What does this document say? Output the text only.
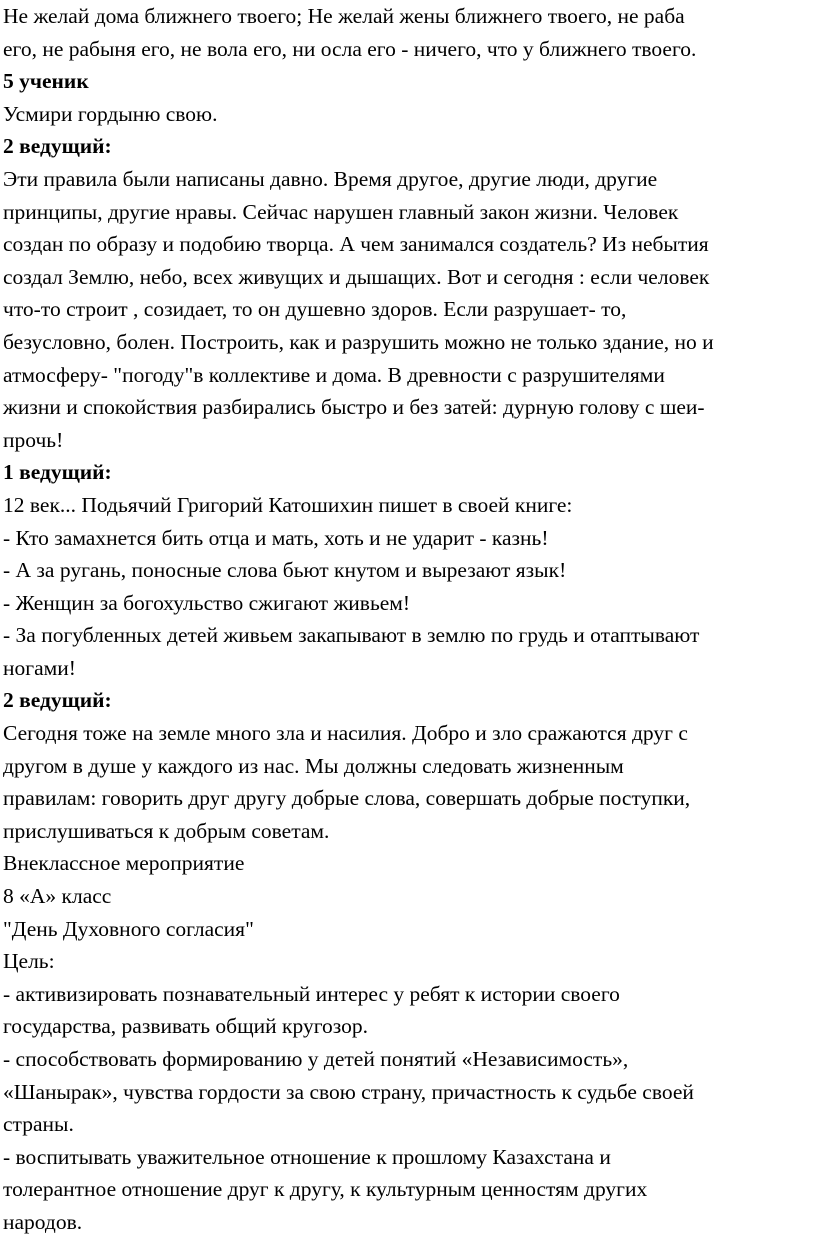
Не желай дома ближнего твоего; Не желай жены ближнего твоего, не раба
его, не рабыня его, не вола его, ни осла его - ничего, что у ближнего твоего.
5 ученик
Усмири гордыню свою.
2 ведущий:
Эти правила были написаны давно. Время другое, другие люди, другие
принципы, другие нравы. Сейчас нарушен главный закон жизни. Человек
создан по образу и подобию творца. А чем занимался создатель? Из небытия
создал Землю, небо, всех живущих и дышащих. Вот и сегодня : если человек
что-то строит , созидает, то он душевно здоров. Если разрушает- то,
безусловно, болен. Построить, как и разрушить можно не только здание, но и
атмосферу- "погоду"в коллективе и дома. В древности с разрушителями
жизни и спокойствия разбирались быстро и без затей: дурную голову с шеи-
прочь!
1 ведущий:
12 век... Подьячий Григорий Катошихин пишет в своей книге:
- Кто замахнется бить отца и мать, хоть и не ударит - казнь!
- А за ругань, поносные слова бьют кнутом и вырезают язык!
- Женщин за богохульство сжигают живьем!
- За погубленных детей живьем закапывают в землю по грудь и отаптывают
ногами!
2 ведущий:
Сегодня тоже на земле много зла и насилия. Добро и зло сражаются друг с
другом в душе у каждого из нас. Мы должны следовать жизненным
правилам: говорить друг другу добрые слова, совершать добрые поступки,
прислушиваться к добрым советам.
Внеклассное мероприятие
8 «А» класс
"День Духовного согласия"
Цель:
- активизировать познавательный интерес у ребят к истории своего
государства, развивать общий кругозор.
- способствовать формированию у детей понятий «Независимость»,
«Шанырак», чувства гордости за свою страну, причастность к судьбе своей
страны.
- воспитывать уважительное отношение к прошлому Казахстана и
толерантное отношение друг к другу, к культурным ценностям других
народов.
